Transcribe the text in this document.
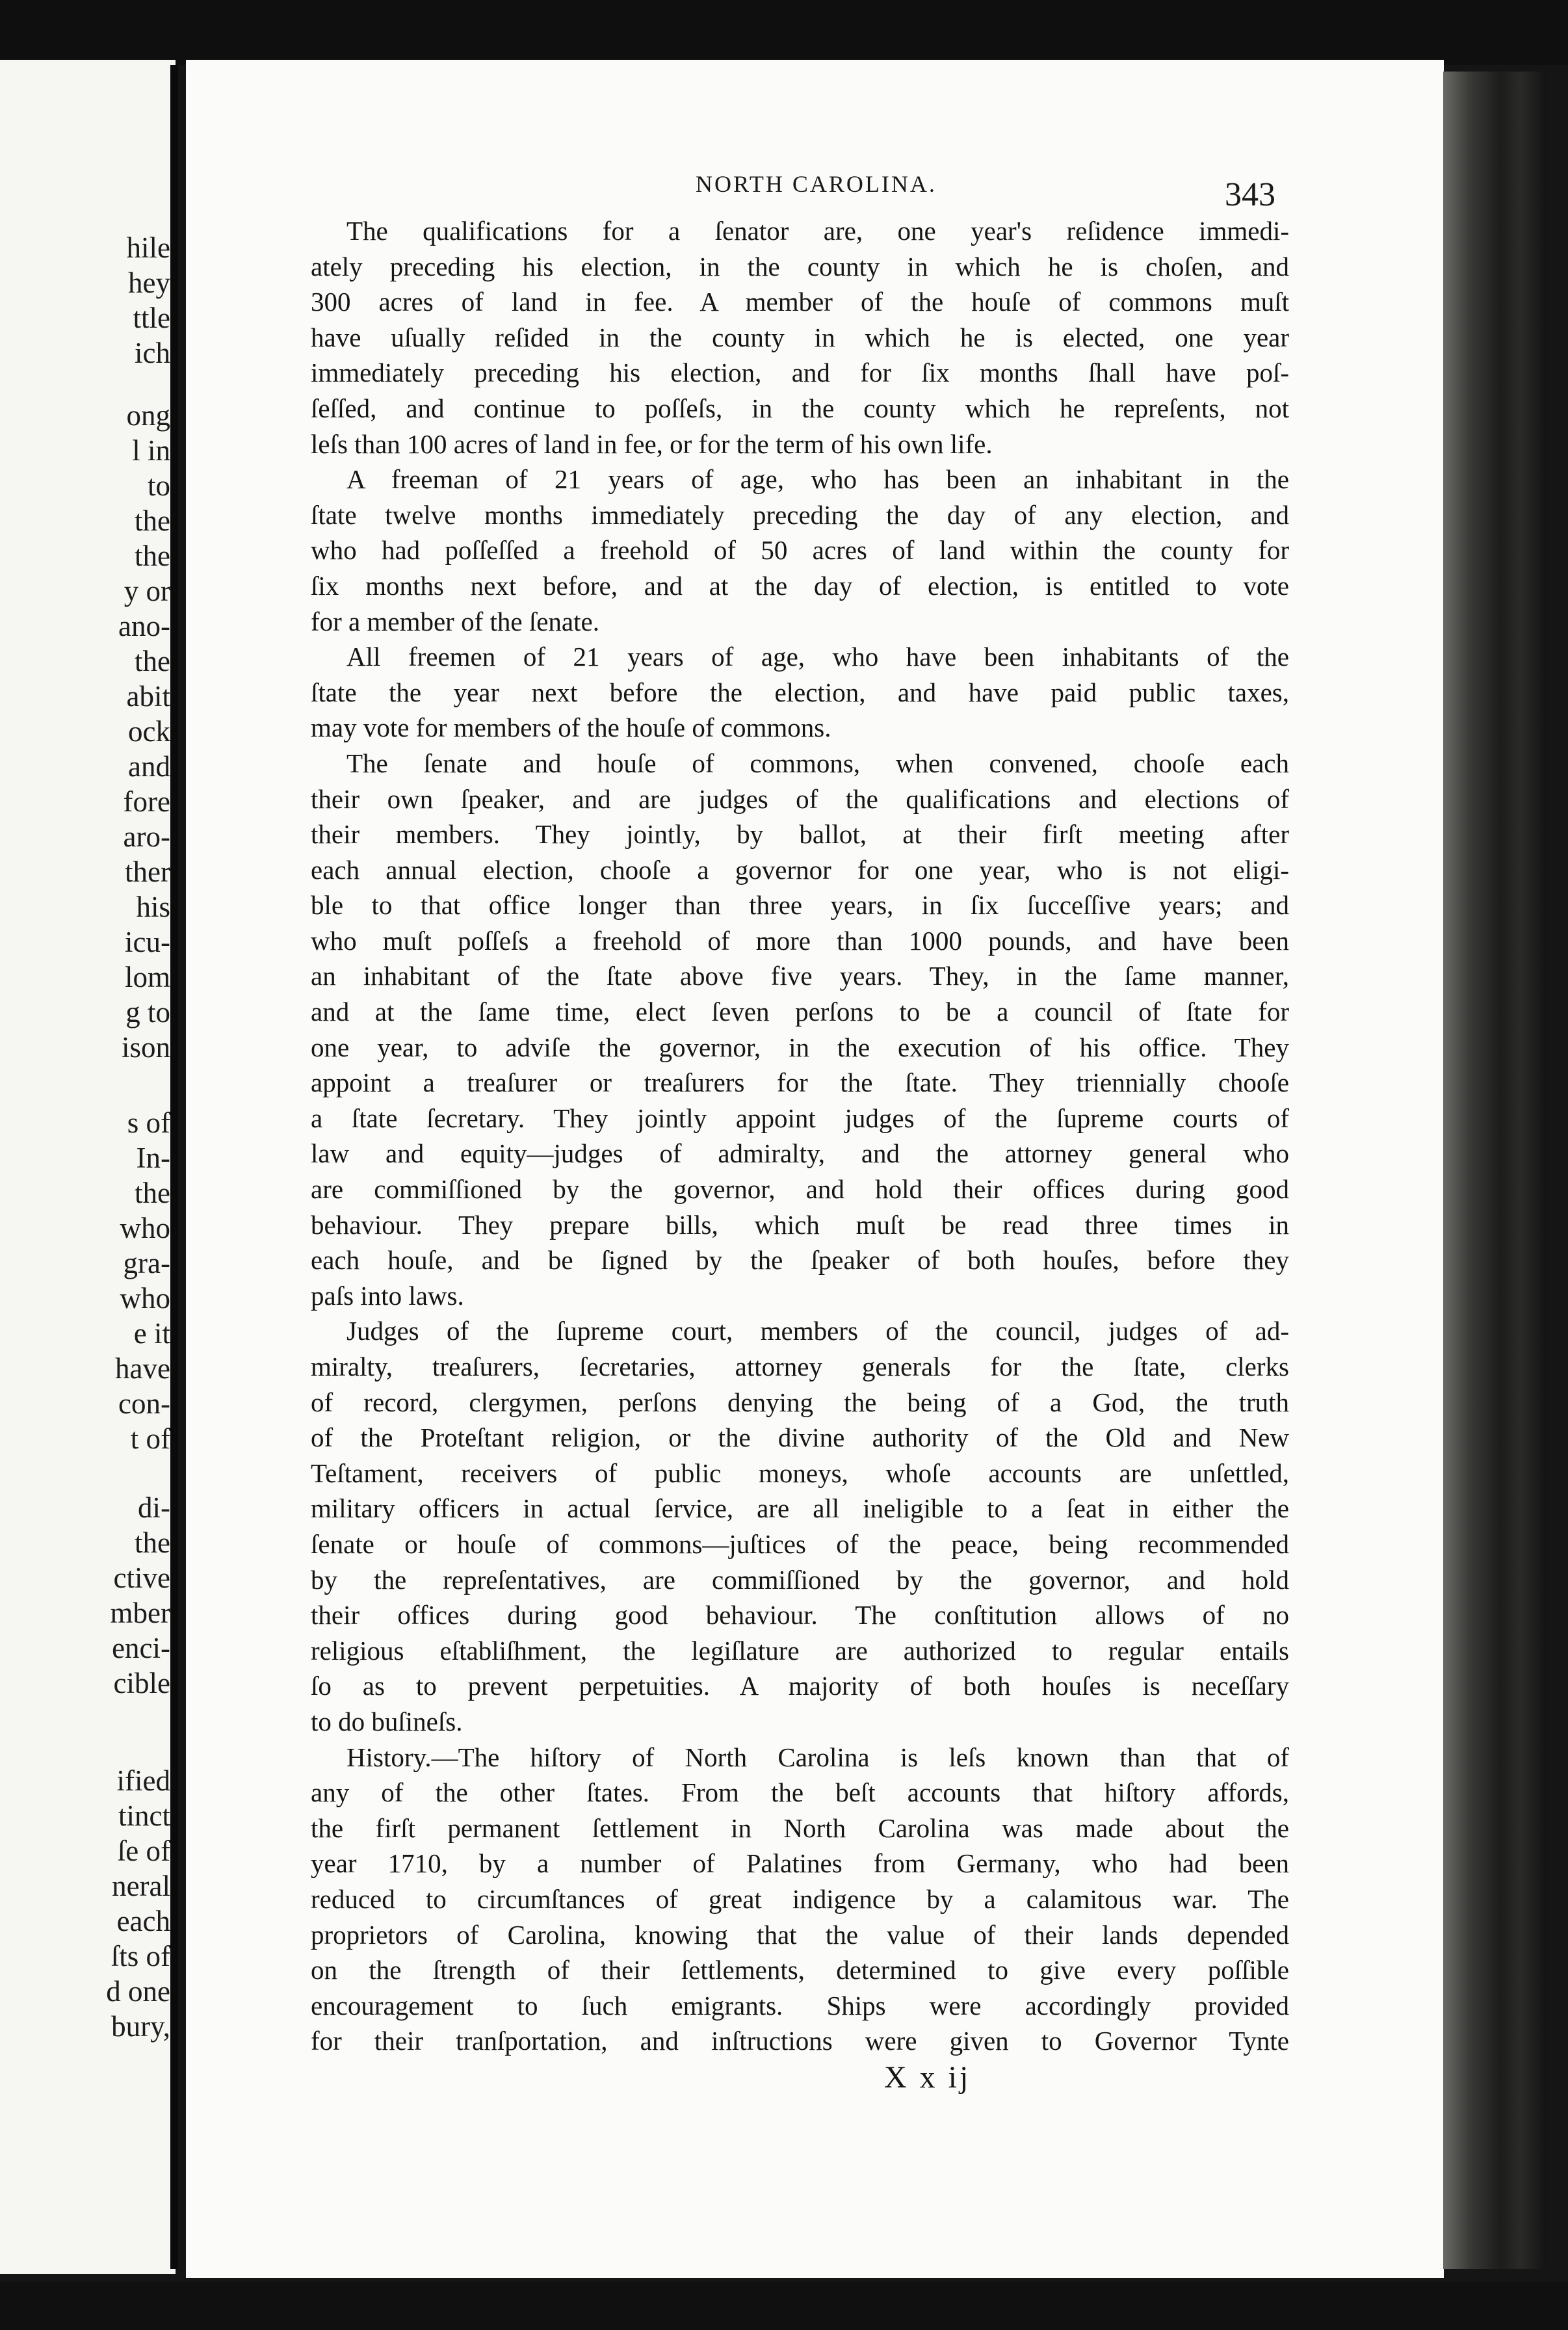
hile

hey

ttle

ich

ong

l in

to

the

the

y or

ano-

the

abit

ock

and

fore

aro-

ther

his

icu-

lom

g to

ison

s of

In-

the

who

gra-

who

e it

have

con-

t of

di-

the

ctive

mber

enci-

cible

ified

tinct

ſe of

neral

each

ſts of

d one

bury,

NORTH CAROLINA.	343

The qualifications for a ſenator are, one year's reſidence immedi-
ately preceding his election, in the county in which he is choſen, and
300 acres of land in fee. A member of the houſe of commons muſt
have uſually reſided in the county in which he is elected, one year
immediately preceding his election, and for ſix months ſhall have poſ-
ſeſſed, and continue to poſſeſs, in the county which he repreſents, not
leſs than 100 acres of land in fee, or for the term of his own life.
A freeman of 21 years of age, who has been an inhabitant in the
ſtate twelve months immediately preceding the day of any election, and
who had poſſeſſed a freehold of 50 acres of land within the county for
ſix months next before, and at the day of election, is entitled to vote
for a member of the ſenate.
All freemen of 21 years of age, who have been inhabitants of the
ſtate the year next before the election, and have paid public taxes,
may vote for members of the houſe of commons.
The ſenate and houſe of commons, when convened, chooſe each
their own ſpeaker, and are judges of the qualifications and elections of
their members. They jointly, by ballot, at their firſt meeting after
each annual election, chooſe a governor for one year, who is not eligi-
ble to that office longer than three years, in ſix ſucceſſive years; and
who muſt poſſeſs a freehold of more than 1000 pounds, and have been
an inhabitant of the ſtate above five years. They, in the ſame manner,
and at the ſame time, elect ſeven perſons to be a council of ſtate for
one year, to adviſe the governor, in the execution of his office. They
appoint a treaſurer or treaſurers for the ſtate. They triennially chooſe
a ſtate ſecretary. They jointly appoint judges of the ſupreme courts of
law and equity—judges of admiralty, and the attorney general who
are commiſſioned by the governor, and hold their offices during good
behaviour. They prepare bills, which muſt be read three times in
each houſe, and be ſigned by the ſpeaker of both houſes, before they
paſs into laws.
Judges of the ſupreme court, members of the council, judges of ad-
miralty, treaſurers, ſecretaries, attorney generals for the ſtate, clerks
of record, clergymen, perſons denying the being of a God, the truth
of the Proteſtant religion, or the divine authority of the Old and New
Teſtament, receivers of public moneys, whoſe accounts are unſettled,
military officers in actual ſervice, are all ineligible to a ſeat in either the
ſenate or houſe of commons—juſtices of the peace, being recommended
by the repreſentatives, are commiſſioned by the governor, and hold
their offices during good behaviour. The conſtitution allows of no
religious eſtabliſhment, the legiſlature are authorized to regular entails
ſo as to prevent perpetuities. A majority of both houſes is neceſſary
to do buſineſs.
History.—The hiſtory of North Carolina is leſs known than that of
any of the other ſtates. From the beſt accounts that hiſtory affords,
the firſt permanent ſettlement in North Carolina was made about the
year 1710, by a number of Palatines from Germany, who had been
reduced to circumſtances of great indigence by a calamitous war. The
proprietors of Carolina, knowing that the value of their lands depended
on the ſtrength of their ſettlements, determined to give every poſſible
encouragement to ſuch emigrants. Ships were accordingly provided
for their tranſportation, and inſtructions were given to Governor Tynte

X x ij
